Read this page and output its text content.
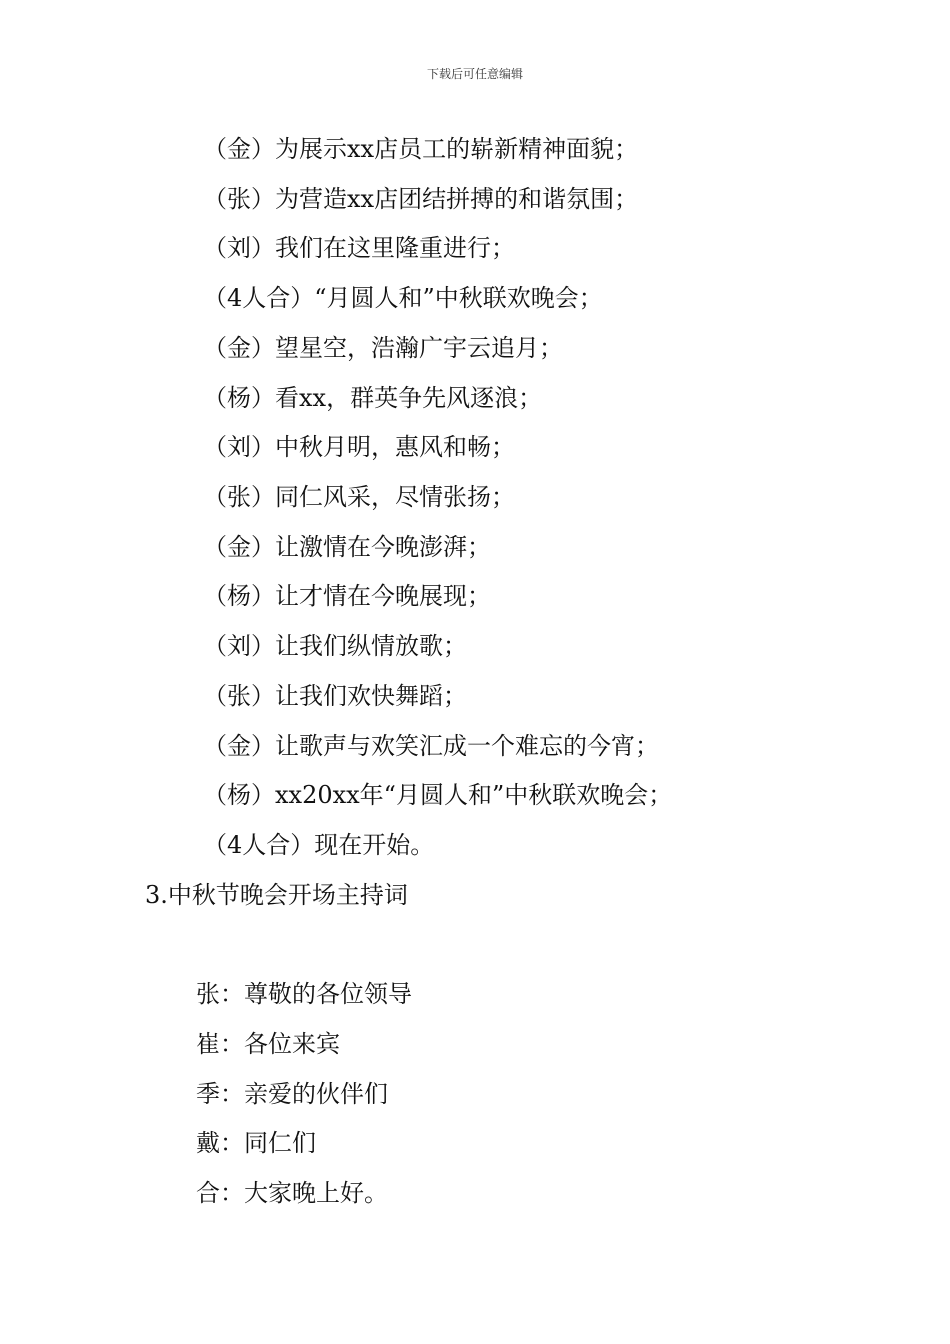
下载后可任意编辑
（金）为展示xx店员工的崭新精神面貌；
（张）为营造xx店团结拼搏的和谐氛围；
（刘）我们在这里隆重进行；
（4人合）“月圆人和”中秋联欢晚会；
（金）望星空，浩瀚广宇云追月；
（杨）看xx，群英争先风逐浪；
（刘）中秋月明，惠风和畅；
（张）同仁风采，尽情张扬；
（金）让激情在今晚澎湃；
（杨）让才情在今晚展现；
（刘）让我们纵情放歌；
（张）让我们欢快舞蹈；
（金）让歌声与欢笑汇成一个难忘的今宵；
（杨）xx20xx年“月圆人和”中秋联欢晚会；
（4人合）现在开始。
3.中秋节晚会开场主持词
张：尊敬的各位领导
崔：各位来宾
季：亲爱的伙伴们
戴：同仁们
合：大家晚上好。
